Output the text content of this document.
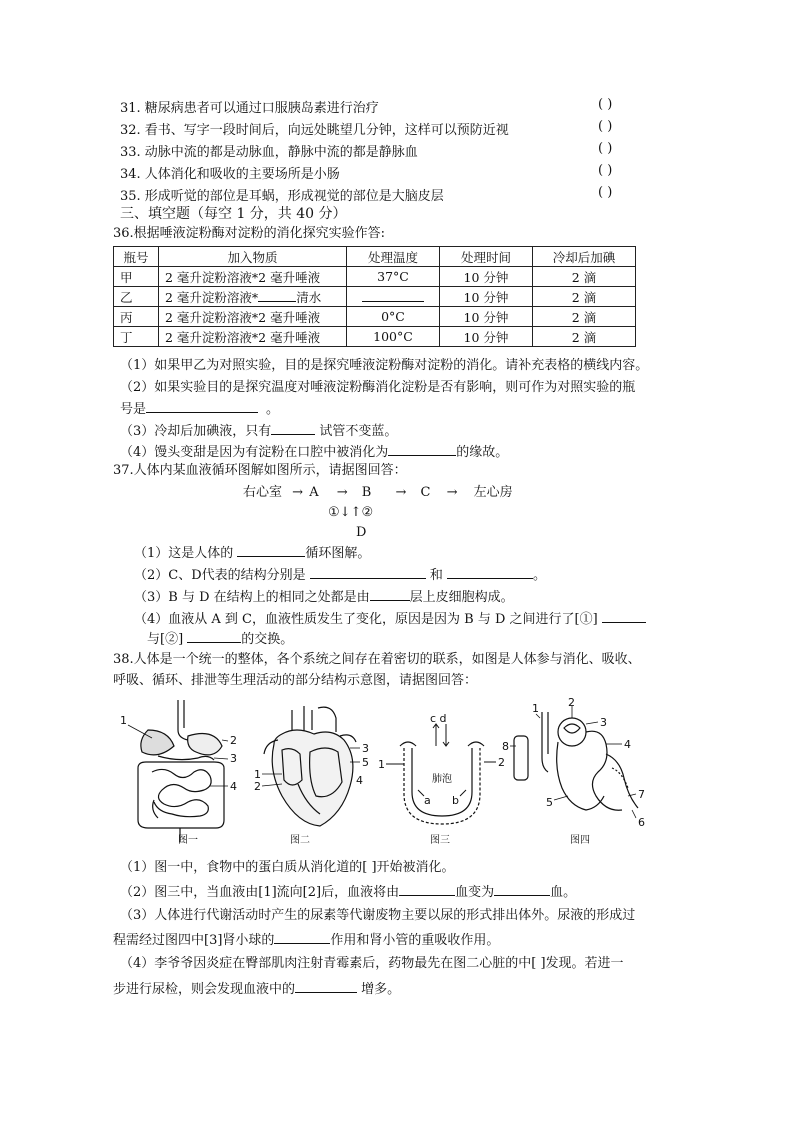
31. 糖尿病患者可以通过口服胰岛素进行治疗	( )
32. 看书、写字一段时间后，向远处眺望几分钟，这样可以预防近视	( )
33. 动脉中流的都是动脉血，静脉中流的都是静脉血	( )
34. 人体消化和吸收的主要场所是小肠	( )
35. 形成听觉的部位是耳蜗，形成视觉的部位是大脑皮层	( )
三、填空题（每空 1 分，共 40 分）
36.根据唾液淀粉酶对淀粉的消化探究实验作答:
瓶号	加入物质	处理温度	处理时间	冷却后加碘
甲	2 毫升淀粉溶液*2 毫升唾液	37°C	10 分钟	2 滴
乙	2 毫升淀粉溶液* 清水		10 分钟	2 滴
丙	2 毫升淀粉溶液*2 毫升唾液	0°C	10 分钟	2 滴
丁	2 毫升淀粉溶液*2 毫升唾液	100°C	10 分钟	2 滴
（1）如果甲乙为对照实验，目的是探究唾液淀粉酶对淀粉的消化。请补充表格的横线内容。
（2）如果实验目的是探究温度对唾液淀粉酶消化淀粉是否有影响，则可作为对照实验的瓶
号是	。
（3）冷却后加碘液，只有	试管不变蓝。
（4）馒头变甜是因为有淀粉在口腔中被消化为	的缘故。
37.人体内某血液循环图解如图所示，请据图回答：
右心室 → A → B → C → 左心房
①↓↑②
D
（1）这是人体的	循环图解。
（2）C、D代表的结构分别是	和	。
（3）B 与 D 在结构上的相同之处都是由	层上皮细胞构成。
（4）血液从 A 到 C，血液性质发生了变化，原因是因为 B 与 D 之间进行了[①]
与[②]	的交换。
38.人体是一个统一的整体，各个系统之间存在着密切的联系，如图是人体参与消化、吸收、
呼吸、循环、排泄等生理活动的部分结构示意图，请据图回答：
1
2
3
4
图一
3
5
1
2	4
图二
c d
1	2
a b
肺泡
图三
2
3
4
5
7
6
8
1
图四
（1）图一中，食物中的蛋白质从消化道的[ ]开始被消化。
（2）图三中，当血液由[1]流向[2]后，血液将由	血变为	血。
（3）人体进行代谢活动时产生的尿素等代谢废物主要以尿的形式排出体外。尿液的形成过
程需经过图四中[3]肾小球的	作用和肾小管的重吸收作用。
（4）李爷爷因炎症在臀部肌肉注射青霉素后，药物最先在图二心脏的中[ ]发现。若进一
步进行尿检，则会发现血液中的	增多。
